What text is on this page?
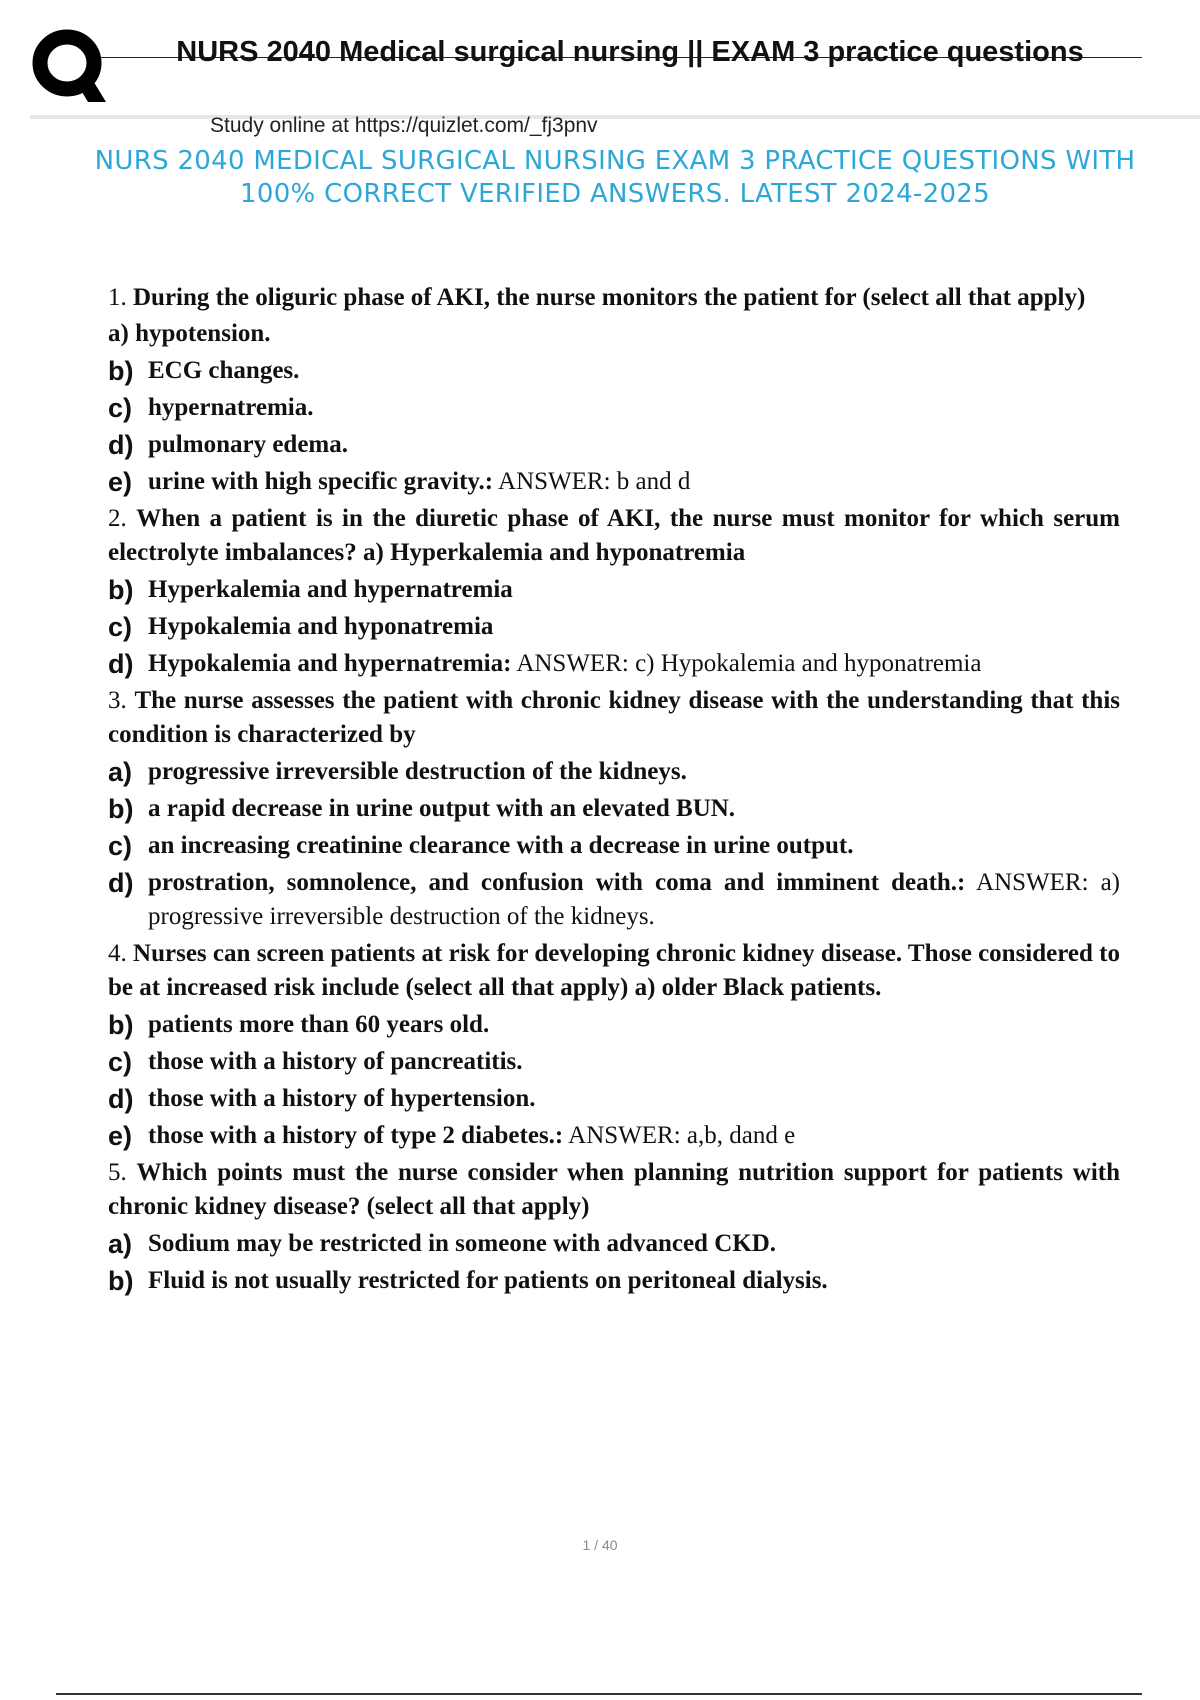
NURS 2040 Medical surgical nursing || EXAM 3 practice questions

Study online at https://quizlet.com/_fj3pnv

NURS 2040 MEDICAL SURGICAL NURSING EXAM 3 PRACTICE QUESTIONS WITH 100% CORRECT VERIFIED ANSWERS. LATEST 2024-2025

1. During the oliguric phase of AKI, the nurse monitors the patient for (select all that apply)

a) hypotension.

b) ECG changes.
c) hypernatremia.
d) pulmonary edema.
e) urine with high specific gravity.: ANSWER: b and d

2. When a patient is in the diuretic phase of AKI, the nurse must monitor for which serum electrolyte imbalances? a) Hyperkalemia and hyponatremia

b) Hyperkalemia and hypernatremia
c) Hypokalemia and hyponatremia
d) Hypokalemia and hypernatremia: ANSWER: c) Hypokalemia and hyponatremia

3. The nurse assesses the patient with chronic kidney disease with the understanding that this condition is characterized by

a) progressive irreversible destruction of the kidneys.
b) a rapid decrease in urine output with an elevated BUN.
c) an increasing creatinine clearance with a decrease in urine output.
d) prostration, somnolence, and confusion with coma and imminent death.: ANSWER: a) progressive irreversible destruction of the kidneys.

4. Nurses can screen patients at risk for developing chronic kidney disease. Those considered to be at increased risk include (select all that apply) a) older Black patients.

b) patients more than 60 years old.
c) those with a history of pancreatitis.
d) those with a history of hypertension.
e) those with a history of type 2 diabetes.: ANSWER: a,b, dand e

5. Which points must the nurse consider when planning nutrition support for patients with chronic kidney disease? (select all that apply)

a) Sodium may be restricted in someone with advanced CKD.
b) Fluid is not usually restricted for patients on peritoneal dialysis.

1 / 40
